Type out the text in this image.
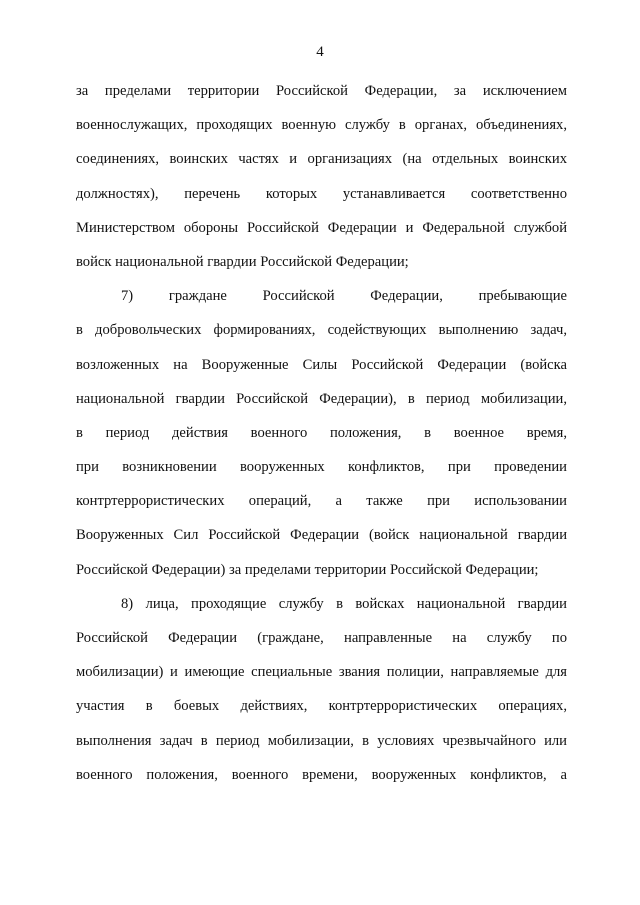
4
за пределами территории Российской Федерации, за исключением
военнослужащих, проходящих военную службу в органах, объединениях,
соединениях, воинских частях и организациях (на отдельных воинских
должностях), перечень которых устанавливается соответственно
Министерством обороны Российской Федерации и Федеральной службой
войск национальной гвардии Российской Федерации;
7) граждане Российской Федерации, пребывающие
в добровольческих формированиях, содействующих выполнению задач,
возложенных на Вооруженные Силы Российской Федерации (войска
национальной гвардии Российской Федерации), в период мобилизации,
в период действия военного положения, в военное время,
при возникновении вооруженных конфликтов, при проведении
контртеррористических операций, а также при использовании
Вооруженных Сил Российской Федерации (войск национальной гвардии
Российской Федерации) за пределами территории Российской Федерации;
8) лица, проходящие службу в войсках национальной гвардии
Российской Федерации (граждане, направленные на службу по
мобилизации) и имеющие специальные звания полиции, направляемые для
участия в боевых действиях, контртеррористических операциях,
выполнения задач в период мобилизации, в условиях чрезвычайного или
военного положения, военного времени, вооруженных конфликтов, а
